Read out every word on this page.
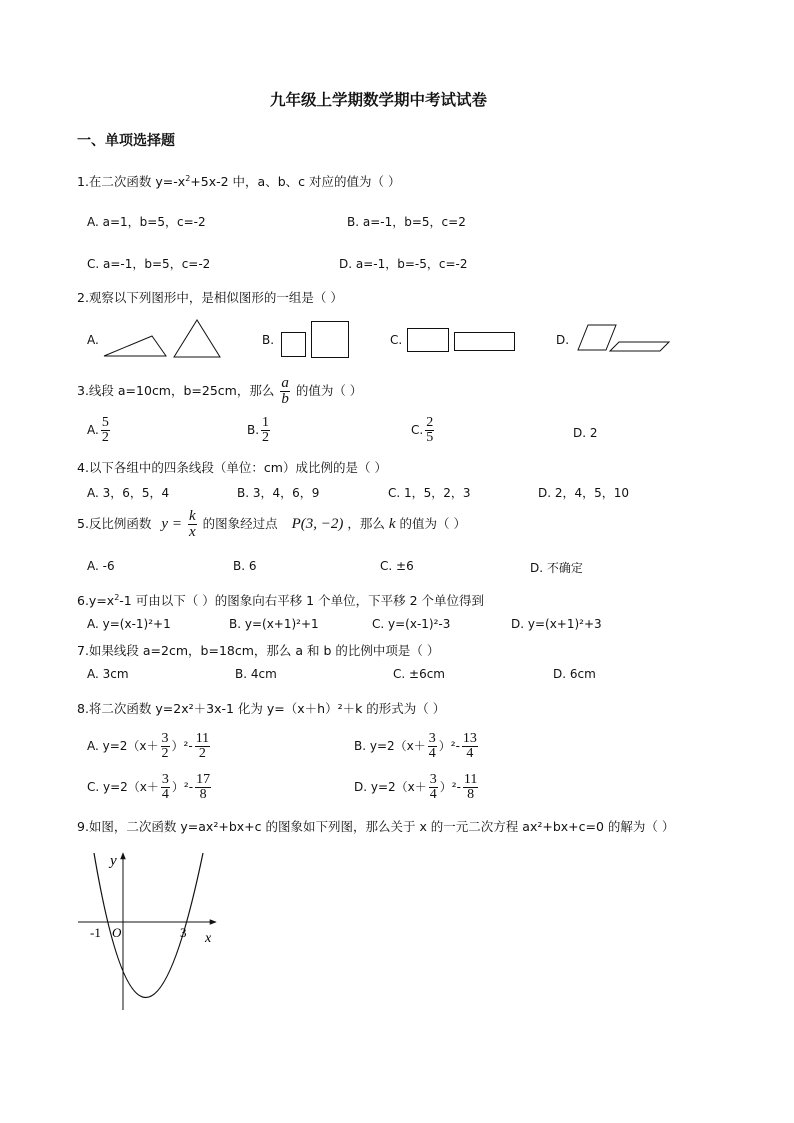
九年级上学期数学期中考试试卷
一、单项选择题
1.在二次函数 $y=-x^2+5x-2$ 中，a、b、c 对应的值为（ ）
A. a=1，b=5，c=-2	B. a=-1，b=5，c=2
C. a=-1，b=5，c=-2	D. a=-1，b=-5，c=-2
2.观察以下列图形中，是相似图形的一组是（ ）
A.	B.	C.	D.
3.线段 a=10cm，b=25cm，那么 $\frac{a}{b}$ 的值为（ ）
A. $\frac{5}{2}$	B. $\frac{1}{2}$	C. $\frac{2}{5}$	D. 2
4.以下各组中的四条线段（单位：cm）成比例的是（ ）
A. 3，6，5，4	B. 3，4，6，9	C. 1，5，2，3	D. 2，4，5，10
5.反比例函数 $y = \frac{k}{x}$ 的图象经过点 P(3, −2) ，那么 k 的值为（ ）
A. -6	B. 6	C. ±6	D. 不确定
$6.y=x^2-1$ 可由以下（ ）的图象向右平移 1 个单位，下平移 2 个单位得到
A. y=(x-1)²+1	B. y=(x+1)²+1	C. y=(x-1)²-3	D. y=(x+1)²+3
7.如果线段 a=2cm，b=18cm，那么 a 和 b 的比例中项是（ ）
A. 3cm	B. 4cm	C. ±6cm	D. 6cm
8.将二次函数 y=2x²＋3x-1 化为 y=（x＋h）²＋k 的形式为（ ）
A. $y=2(x+ \frac{3}{2} )^2- \frac{11}{2}$	B. $y=2(x+ \frac{3}{4} )^2- \frac{13}{4}$
C. $y=2(x+ \frac{3}{4} )^2- \frac{17}{8}$	D. $y=2(x+ \frac{3}{4} )^2- \frac{11}{8}$
9.如图，二次函数 y=ax²+bx+c 的图象如下列图，那么关于 x 的一元二次方程 ax²+bx+c=0 的解为（ ）
y
x
O
-1	3
